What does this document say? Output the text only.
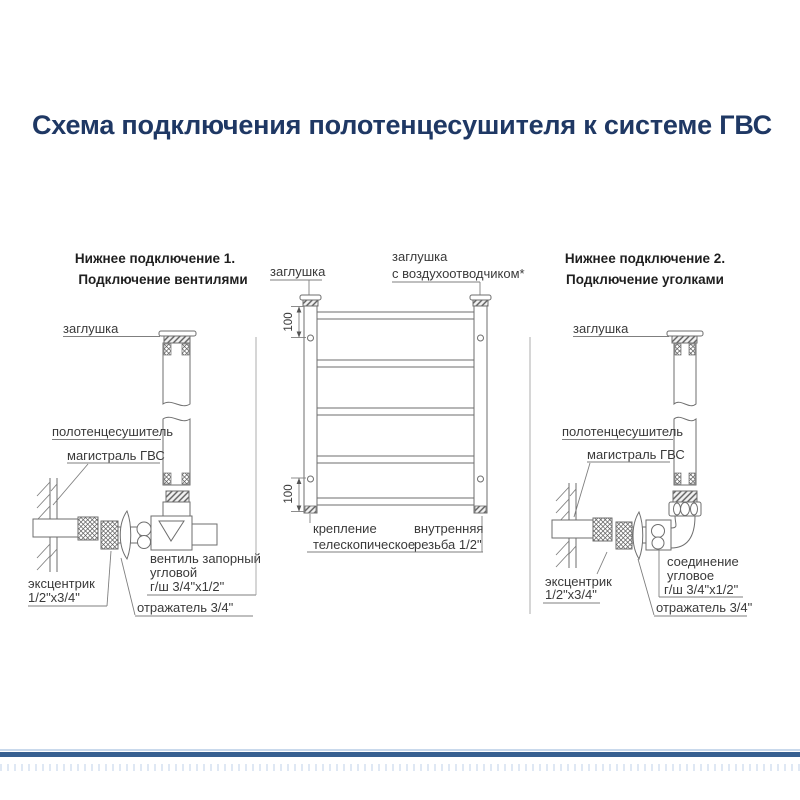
Схема подключения полотенцесушителя к системе ГВС
Нижнее подключение 1.
Подключение вентилями
заглушка
полотенцесушитель
магистраль ГВС
эксцентрик
1/2"х3/4"
вентиль запорный
угловой
г/ш 3/4"х1/2"
отражатель 3/4"
заглушка
заглушка
с воздухоотводчиком*
100
100
крепление
телескопическое
внутренняя
резьба 1/2"
Нижнее подключение 2.
Подключение уголками
заглушка
полотенцесушитель
магистраль ГВС
эксцентрик
1/2"х3/4"
соединение
угловое
г/ш 3/4"х1/2"
отражатель 3/4"
